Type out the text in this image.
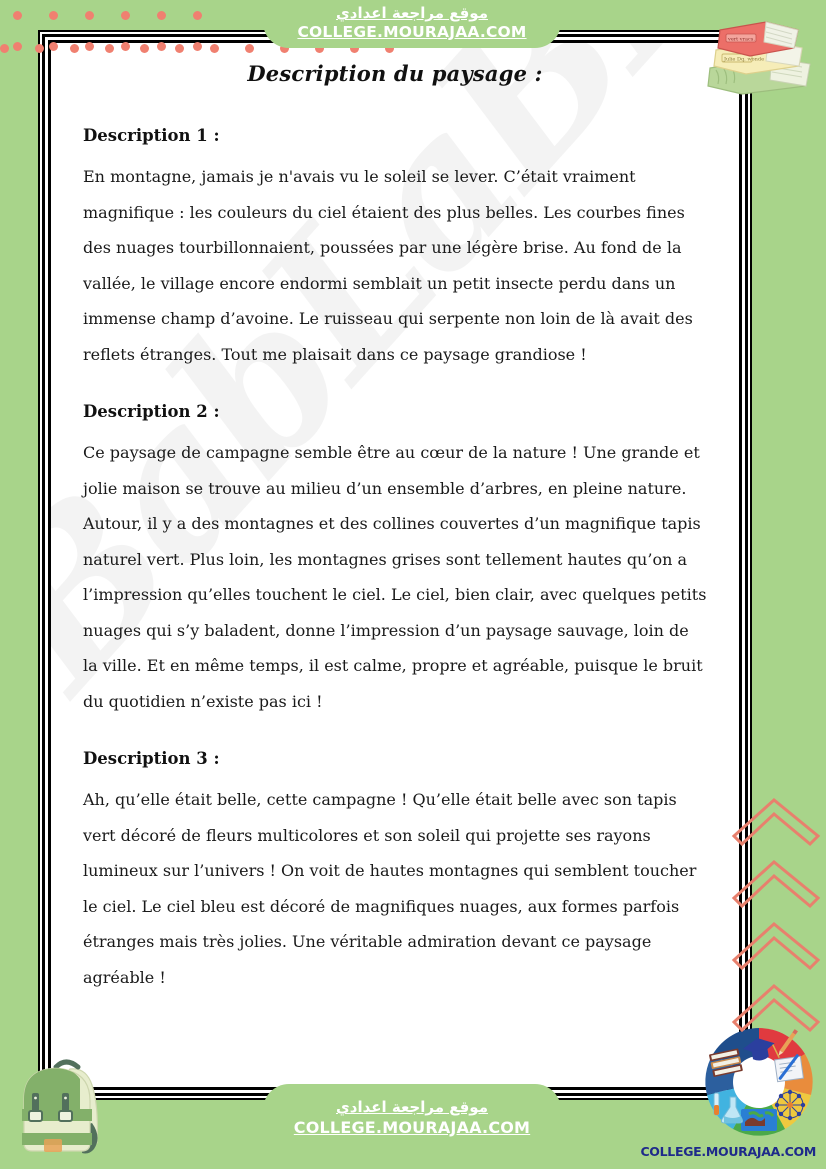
Description du paysage :
Description 1 :

En montagne, jamais je n'avais vu le soleil se lever. C’était vraiment magnifique : les couleurs du ciel étaient des plus belles. Les courbes fines des nuages tourbillonnaient, poussées par une légère brise. Au fond de la vallée, le village encore endormi semblait un petit insecte perdu dans un immense champ d’avoine. Le ruisseau qui serpente non loin de là avait des reflets étranges. Tout me plaisait dans ce paysage grandiose !

Description 2 :

Ce paysage de campagne semble être au cœur de la nature ! Une grande et jolie maison se trouve au milieu d’un ensemble d’arbres, en pleine nature. Autour, il y a des montagnes et des collines couvertes d’un magnifique tapis naturel vert. Plus loin, les montagnes grises sont tellement hautes qu’on a l’impression qu’elles touchent le ciel. Le ciel, bien clair, avec quelques petits nuages qui s’y baladent, donne l’impression d’un paysage sauvage, loin de la ville. Et en même temps, il est calme, propre et agréable, puisque le bruit du quotidien n’existe pas ici !

Description 3 :

Ah, qu’elle était belle, cette campagne ! Qu’elle était belle avec son tapis vert décoré de fleurs multicolores et son soleil qui projette ses rayons lumineux sur l’univers ! On voit de hautes montagnes qui semblent toucher le ciel. Le ciel bleu est décoré de magnifiques nuages, aux formes parfois étranges mais très jolies. Une véritable admiration devant ce paysage agréable !

موقع مراجعة اعدادي
COLLEGE.MOURAJAA.COM
موقع مراجعة اعدادي
COLLEGE.MOURAJAA.COM
Julie Dq. wonde
vert vracs.
COLLEGE.MOURAJAA.COM
